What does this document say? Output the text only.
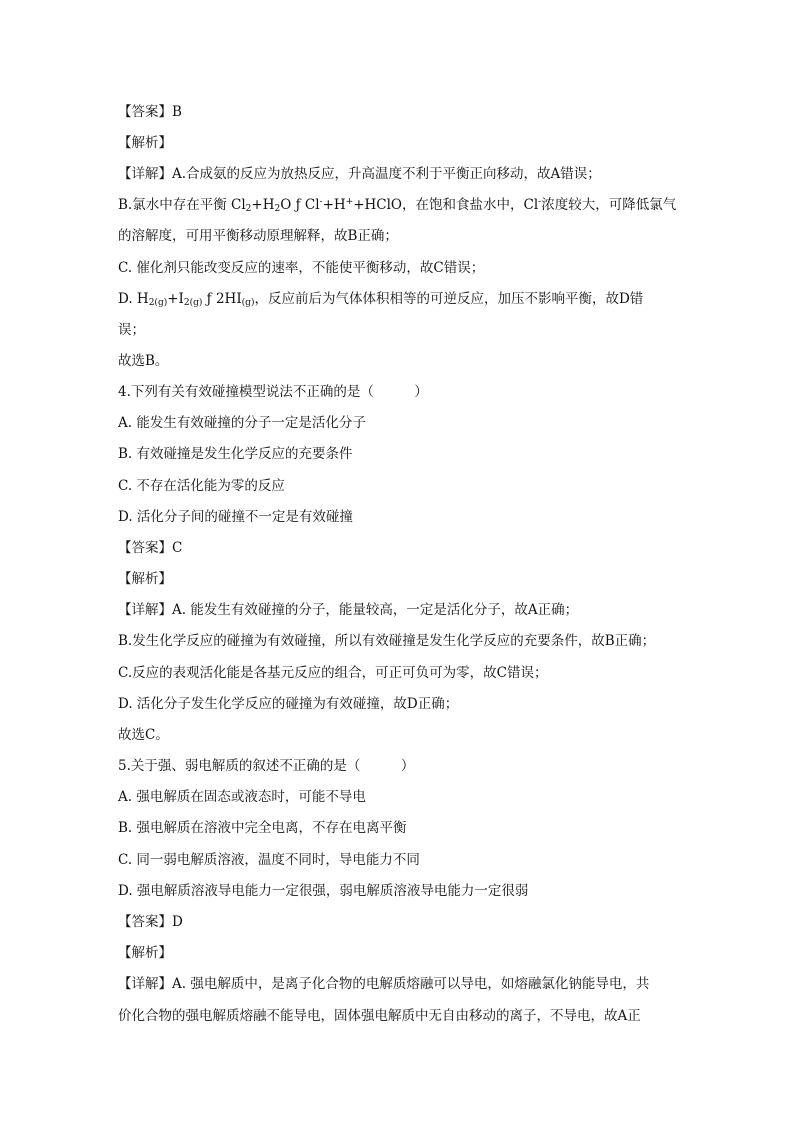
【答案】B
【解析】
【详解】A.合成氨的反应为放热反应，升高温度不利于平衡正向移动，故A错误；
B.氯水中存在平衡 $Cl_2+H_2O$ ƒ Cl-+H++HClO，在饱和食盐水中，Cl-浓度较大，可降低氯气
的溶解度，可用平衡移动原理解释，故B正确；
C. 催化剂只能改变反应的速率，不能使平衡移动，故C错误；
D. $H_{2(g)}+I_{2(g)}$ ƒ $2HI_{(g)}$，反应前后为气体体积相等的可逆反应，加压不影响平衡，故D错
误；
故选B。
4.下列有关有效碰撞模型说法不正确的是（　　　）
A. 能发生有效碰撞的分子一定是活化分子
B. 有效碰撞是发生化学反应的充要条件
C. 不存在活化能为零的反应
D. 活化分子间的碰撞不一定是有效碰撞
【答案】C
【解析】
【详解】A. 能发生有效碰撞的分子，能量较高，一定是活化分子，故A正确；
B.发生化学反应的碰撞为有效碰撞，所以有效碰撞是发生化学反应的充要条件，故B正确；
C.反应的表观活化能是各基元反应的组合，可正可负可为零，故C错误；
D. 活化分子发生化学反应的碰撞为有效碰撞，故D正确；
故选C。
5.关于强、弱电解质的叙述不正确的是（　　　）
A. 强电解质在固态或液态时，可能不导电
B. 强电解质在溶液中完全电离，不存在电离平衡
C. 同一弱电解质溶液，温度不同时，导电能力不同
D. 强电解质溶液导电能力一定很强，弱电解质溶液导电能力一定很弱
【答案】D
【解析】
【详解】A. 强电解质中，是离子化合物的电解质熔融可以导电，如熔融氯化钠能导电，共
价化合物的强电解质熔融不能导电，固体强电解质中无自由移动的离子，不导电，故A正
